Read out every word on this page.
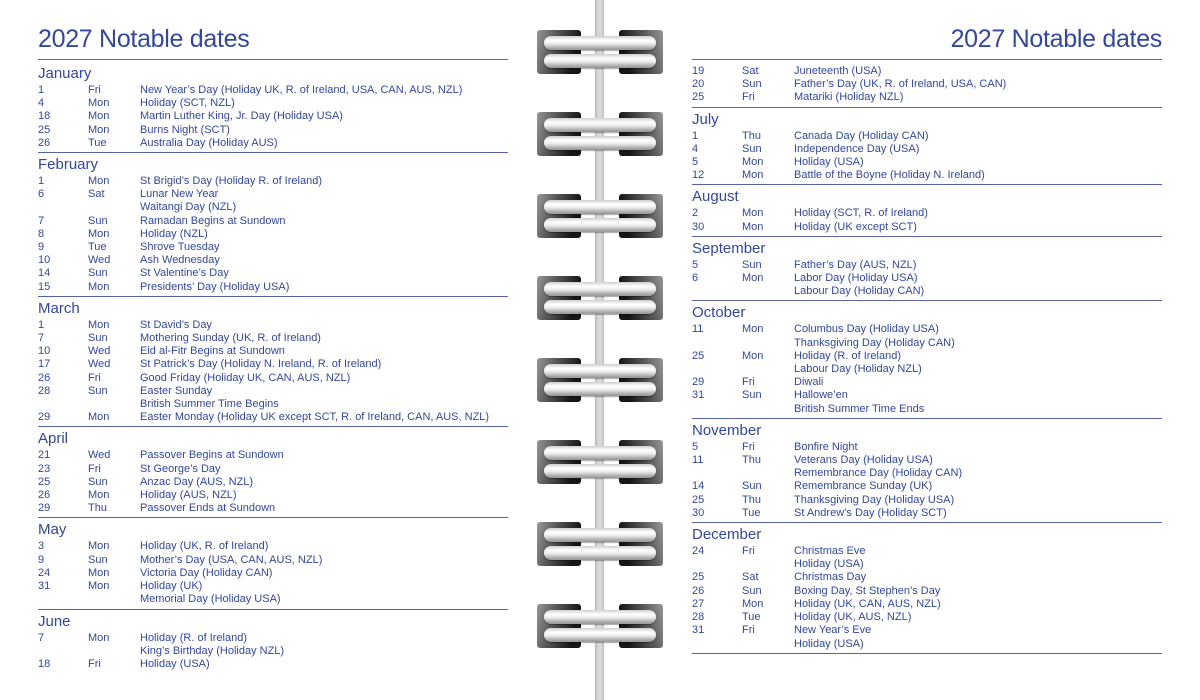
2027 Notable dates
January
1	Fri	New Year’s Day (Holiday UK, R. of Ireland, USA, CAN, AUS, NZL)
4	Mon	Holiday (SCT, NZL)
18	Mon	Martin Luther King, Jr. Day (Holiday USA)
25	Mon	Burns Night (SCT)
26	Tue	Australia Day (Holiday AUS)
February
1	Mon	St Brigid’s Day (Holiday R. of Ireland)
6	Sat	Lunar New Year
Waitangi Day (NZL)
7	Sun	Ramadan Begins at Sundown
8	Mon	Holiday (NZL)
9	Tue	Shrove Tuesday
10	Wed	Ash Wednesday
14	Sun	St Valentine’s Day
15	Mon	Presidents’ Day (Holiday USA)
March
1	Mon	St David’s Day
7	Sun	Mothering Sunday (UK, R. of Ireland)
10	Wed	Eid al-Fitr Begins at Sundown
17	Wed	St Patrick’s Day (Holiday N. Ireland, R. of Ireland)
26	Fri	Good Friday (Holiday UK, CAN, AUS, NZL)
28	Sun	Easter Sunday
British Summer Time Begins
29	Mon	Easter Monday (Holiday UK except SCT, R. of Ireland, CAN, AUS, NZL)
April
21	Wed	Passover Begins at Sundown
23	Fri	St George’s Day
25	Sun	Anzac Day (AUS, NZL)
26	Mon	Holiday (AUS, NZL)
29	Thu	Passover Ends at Sundown
May
3	Mon	Holiday (UK, R. of Ireland)
9	Sun	Mother’s Day (USA, CAN, AUS, NZL)
24	Mon	Victoria Day (Holiday CAN)
31	Mon	Holiday (UK)
Memorial Day (Holiday USA)
June
7	Mon	Holiday (R. of Ireland)
King’s Birthday (Holiday NZL)
18	Fri	Holiday (USA)
2027 Notable dates
19	Sat	Juneteenth (USA)
20	Sun	Father’s Day (UK, R. of Ireland, USA, CAN)
25	Fri	Matariki (Holiday NZL)
July
1	Thu	Canada Day (Holiday CAN)
4	Sun	Independence Day (USA)
5	Mon	Holiday (USA)
12	Mon	Battle of the Boyne (Holiday N. Ireland)
August
2	Mon	Holiday (SCT, R. of Ireland)
30	Mon	Holiday (UK except SCT)
September
5	Sun	Father’s Day (AUS, NZL)
6	Mon	Labor Day (Holiday USA)
Labour Day (Holiday CAN)
October
11	Mon	Columbus Day (Holiday USA)
Thanksgiving Day (Holiday CAN)
25	Mon	Holiday (R. of Ireland)
Labour Day (Holiday NZL)
29	Fri	Diwali
31	Sun	Hallowe’en
British Summer Time Ends
November
5	Fri	Bonfire Night
11	Thu	Veterans Day (Holiday USA)
Remembrance Day (Holiday CAN)
14	Sun	Remembrance Sunday (UK)
25	Thu	Thanksgiving Day (Holiday USA)
30	Tue	St Andrew’s Day (Holiday SCT)
December
24	Fri	Christmas Eve
Holiday (USA)
25	Sat	Christmas Day
26	Sun	Boxing Day, St Stephen’s Day
27	Mon	Holiday (UK, CAN, AUS, NZL)
28	Tue	Holiday (UK, AUS, NZL)
31	Fri	New Year’s Eve
Holiday (USA)
